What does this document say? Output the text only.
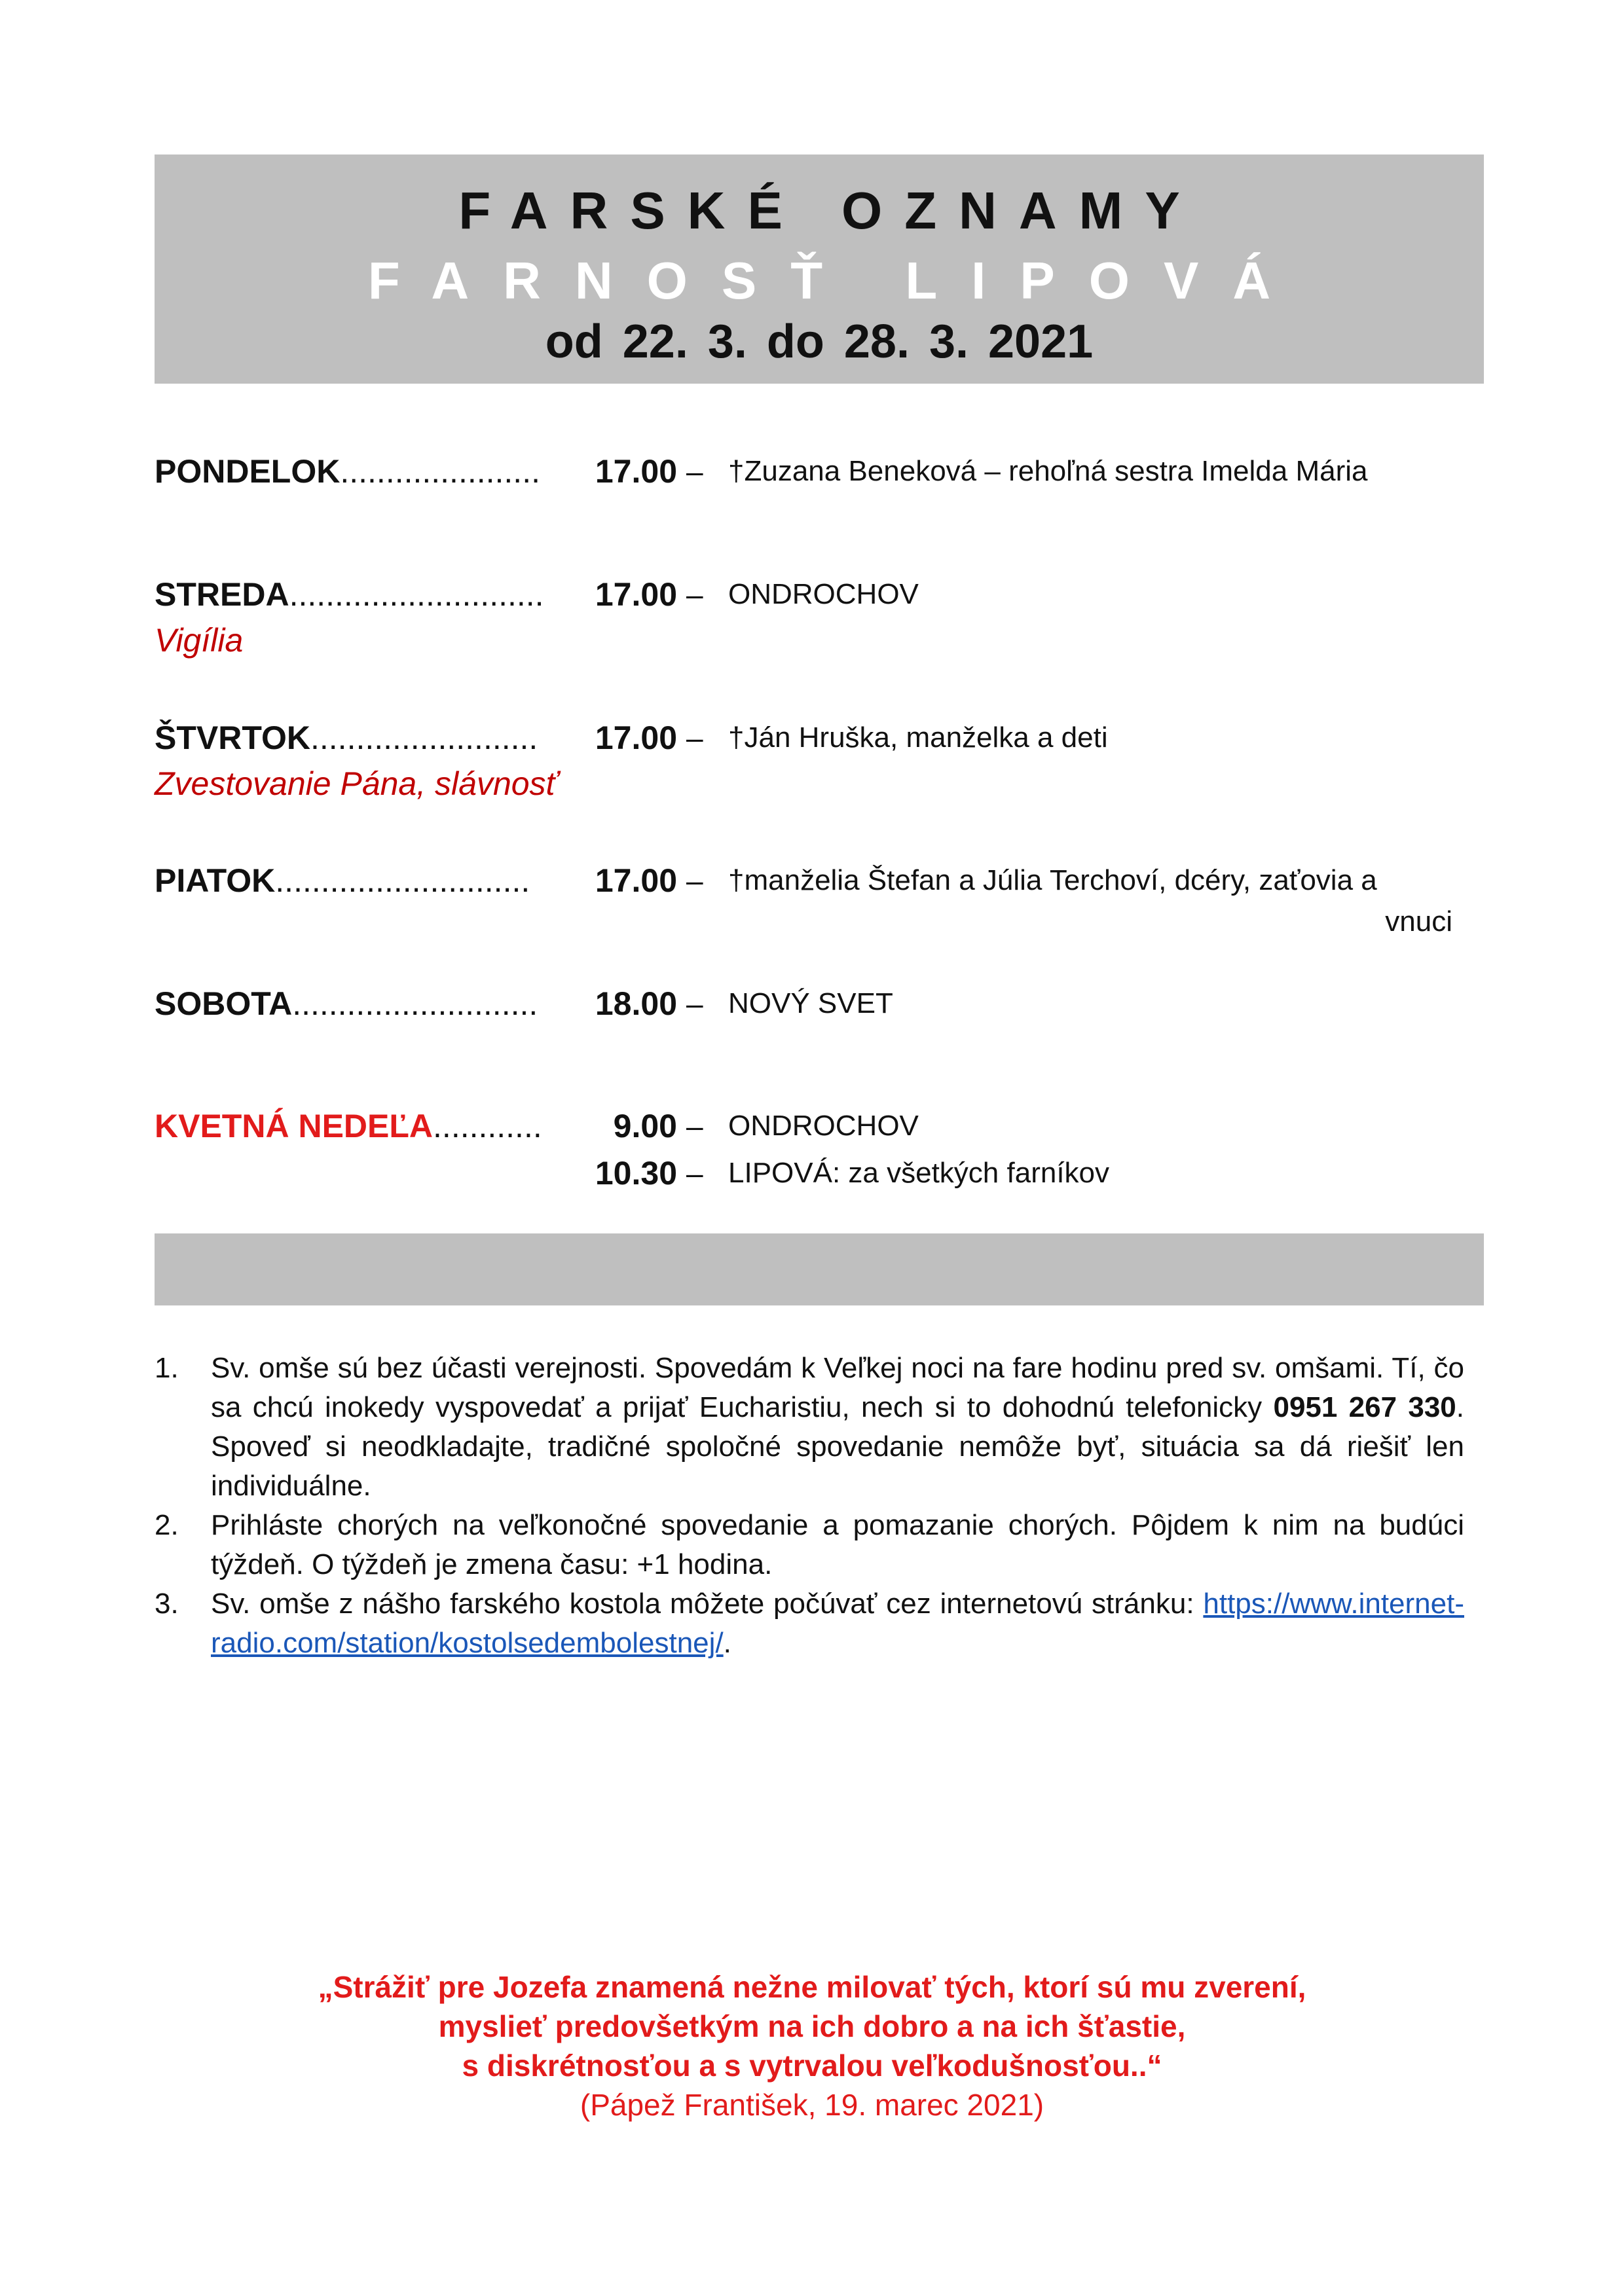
FARSKÉ OZNAMY
FARNOSŤ LIPOVÁ
od 22. 3. do 28. 3. 2021
PONDELOK...................... 17.00 – †Zuzana Beneková – rehoľná sestra Imelda Mária
STREDA............................ 17.00 – ONDROCHOV
Vigília
ŠTVRTOK......................... 17.00 – †Ján Hruška, manželka a deti
Zvestovanie Pána, slávnosť
PIATOK............................ 17.00 – †manželia Štefan a Júlia Terchoví, dcéry, zaťovia a
vnuci
SOBOTA........................... 18.00 – NOVÝ SVET
KVETNÁ NEDEĽA............ 9.00 – ONDROCHOV
10.30 – LIPOVÁ: za všetkých farníkov
1.	Sv. omše sú bez účasti verejnosti. Spovedám k Veľkej noci na fare hodinu pred sv. omšami. Tí, čo sa chcú inokedy vyspovedať a prijať Eucharistiu, nech si to dohodnú telefonicky 0951 267 330. Spoveď si neodkladajte, tradičné spoločné spovedanie nemôže byť, situácia sa dá riešiť len individuálne.
2.	Prihláste chorých na veľkonočné spovedanie a pomazanie chorých. Pôjdem k nim na budúci týždeň. O týždeň je zmena času: +1 hodina.
3.	Sv. omše z nášho farského kostola môžete počúvať cez internetovú stránku: https://www.internet-radio.com/station/kostolsedembolestnej/.
„Strážiť pre Jozefa znamená nežne milovať tých, ktorí sú mu zverení,
myslieť predovšetkým na ich dobro a na ich šťastie,
s diskrétnosťou a s vytrvalou veľkodušnosťou..“
(Pápež František, 19. marec 2021)
